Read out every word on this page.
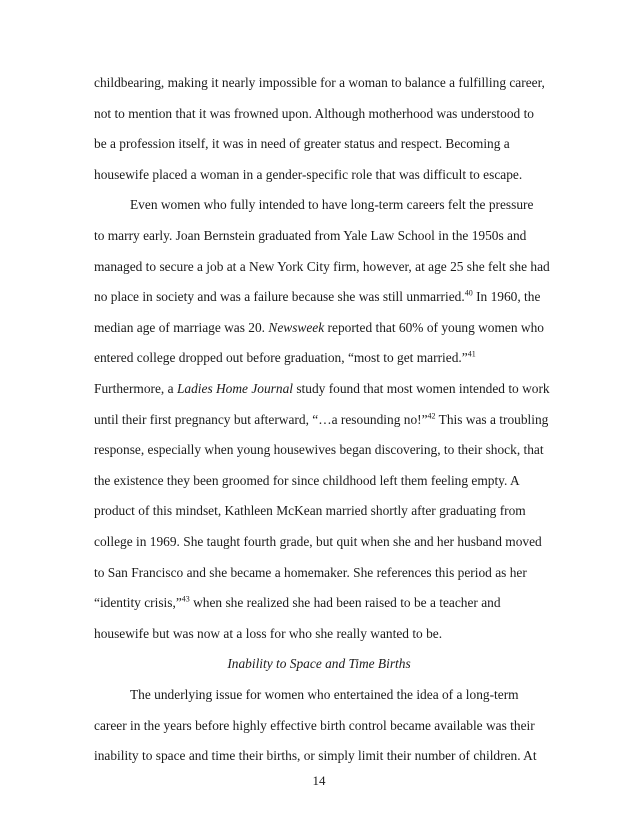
childbearing, making it nearly impossible for a woman to balance a fulfilling career,
not to mention that it was frowned upon. Although motherhood was understood to
be a profession itself, it was in need of greater status and respect. Becoming a
housewife placed a woman in a gender-specific role that was difficult to escape.
Even women who fully intended to have long-term careers felt the pressure
to marry early. Joan Bernstein graduated from Yale Law School in the 1950s and
managed to secure a job at a New York City firm, however, at age 25 she felt she had
no place in society and was a failure because she was still unmarried.$^{40}$ In 1960, the
median age of marriage was 20. Newsweek reported that 60% of young women who
entered college dropped out before graduation, “most to get married.”$^{41}$
Furthermore, a Ladies Home Journal study found that most women intended to work
until their first pregnancy but afterward, “…a resounding no!”$^{42}$ This was a troubling
response, especially when young housewives began discovering, to their shock, that
the existence they been groomed for since childhood left them feeling empty. A
product of this mindset, Kathleen McKean married shortly after graduating from
college in 1969. She taught fourth grade, but quit when she and her husband moved
to San Francisco and she became a homemaker. She references this period as her
“identity crisis,”$^{43}$ when she realized she had been raised to be a teacher and
housewife but was now at a loss for who she really wanted to be.
Inability to Space and Time Births
The underlying issue for women who entertained the idea of a long-term
career in the years before highly effective birth control became available was their
inability to space and time their births, or simply limit their number of children. At
14
